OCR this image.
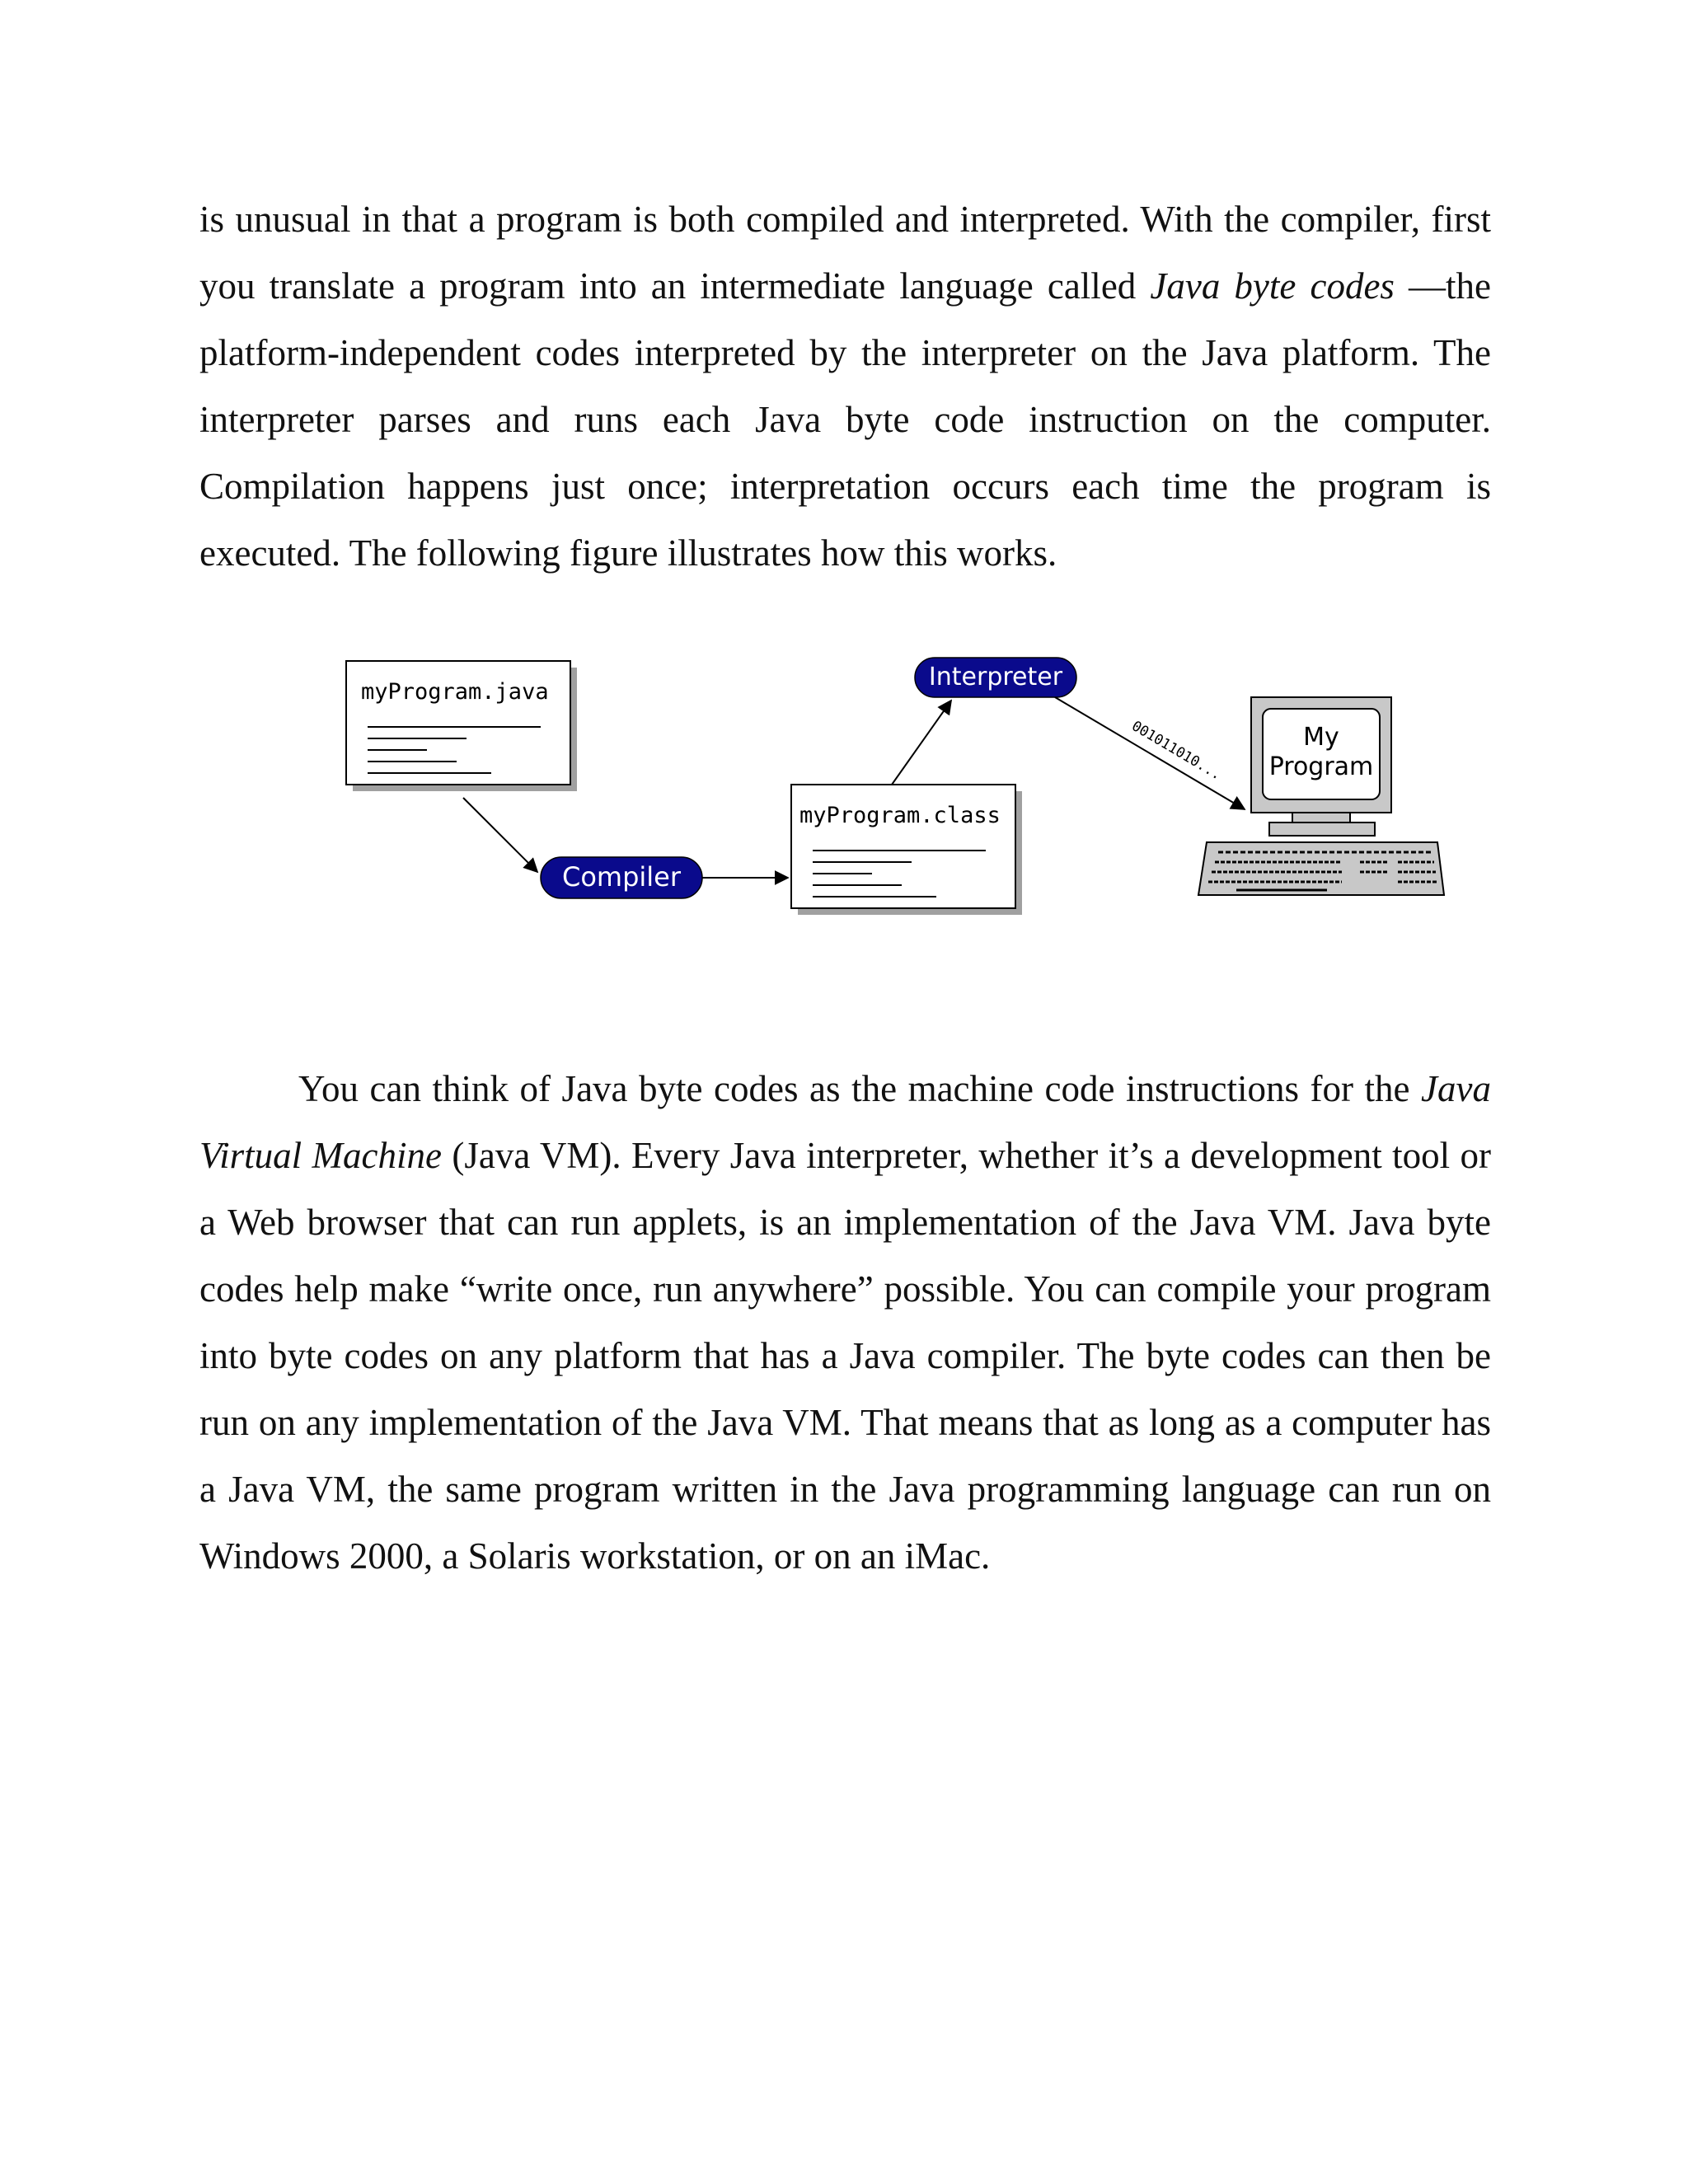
is unusual in that a program is both compiled and interpreted. With the compiler, first you translate a program into an intermediate language called Java byte codes —the platform-independent codes interpreted by the interpreter on the Java platform. The interpreter parses and runs each Java byte code instruction on the computer. Compilation happens just once; interpretation occurs each time the program is executed. The following figure illustrates how this works.

myProgram.java
Compiler
myProgram.class
Interpreter
001011010...	My
Program

You can think of Java byte codes as the machine code instructions for the Java Virtual Machine (Java VM). Every Java interpreter, whether it’s a development tool or a Web browser that can run applets, is an implementation of the Java VM. Java byte codes help make “write once, run anywhere” possible. You can compile your program into byte codes on any platform that has a Java compiler. The byte codes can then be run on any implementation of the Java VM. That means that as long as a computer has a Java VM, the same program written in the Java programming language can run on Windows 2000, a Solaris workstation, or on an iMac.
